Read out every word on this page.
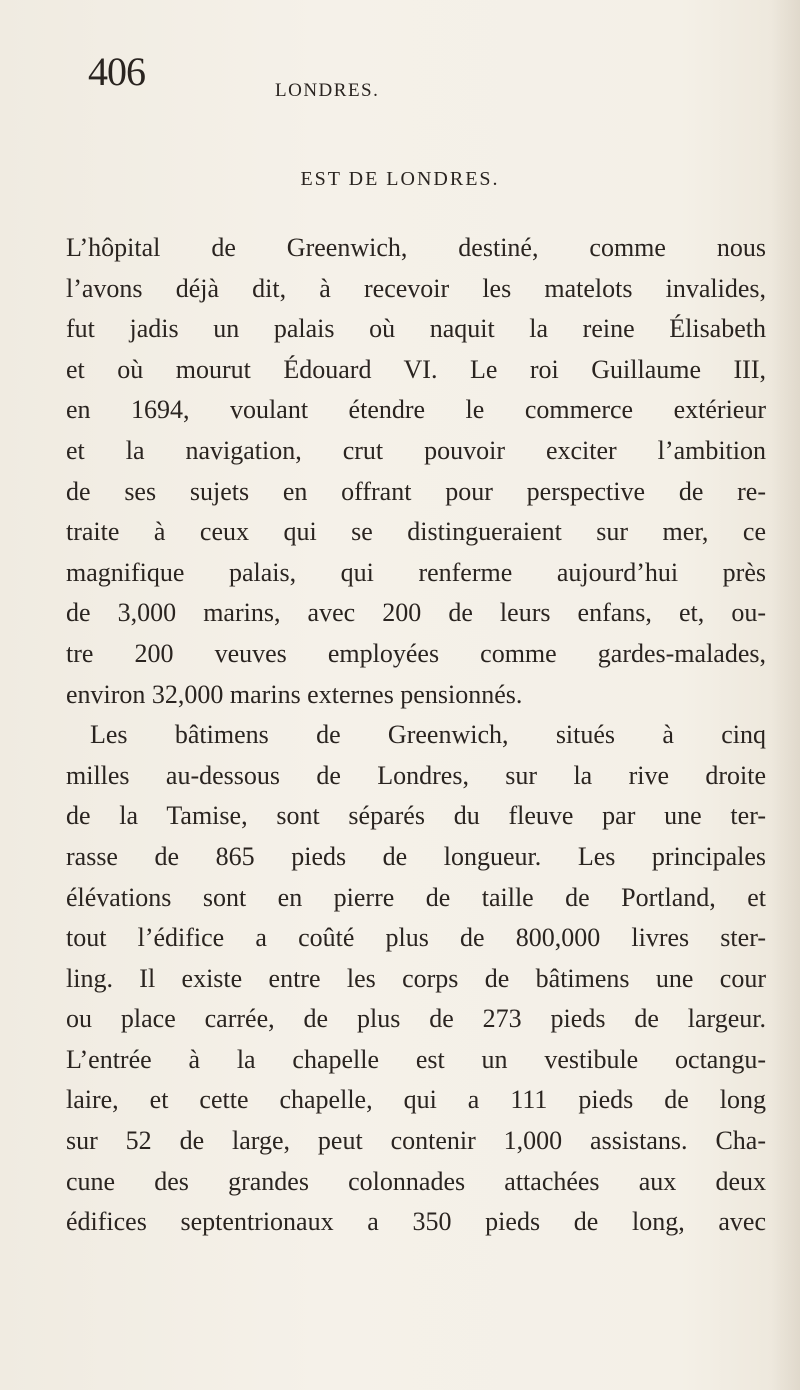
406	LONDRES.
EST DE LONDRES.
L’hôpital de Greenwich, destiné, comme nous
l’avons déjà dit, à recevoir les matelots invalides,
fut jadis un palais où naquit la reine Élisabeth
et où mourut Édouard VI. Le roi Guillaume III,
en 1694, voulant étendre le commerce extérieur
et la navigation, crut pouvoir exciter l’ambition
de ses sujets en offrant pour perspective de re-
traite à ceux qui se distingueraient sur mer, ce
magnifique palais, qui renferme aujourd’hui près
de 3,000 marins, avec 200 de leurs enfans, et, ou-
tre 200 veuves employées comme gardes-malades,
environ 32,000 marins externes pensionnés.
Les bâtimens de Greenwich, situés à cinq
milles au-dessous de Londres, sur la rive droite
de la Tamise, sont séparés du fleuve par une ter-
rasse de 865 pieds de longueur. Les principales
élévations sont en pierre de taille de Portland, et
tout l’édifice a coûté plus de 800,000 livres ster-
ling. Il existe entre les corps de bâtimens une cour
ou place carrée, de plus de 273 pieds de largeur.
L’entrée à la chapelle est un vestibule octangu-
laire, et cette chapelle, qui a 111 pieds de long
sur 52 de large, peut contenir 1,000 assistans. Cha-
cune des grandes colonnades attachées aux deux
édifices septentrionaux a 350 pieds de long, avec
